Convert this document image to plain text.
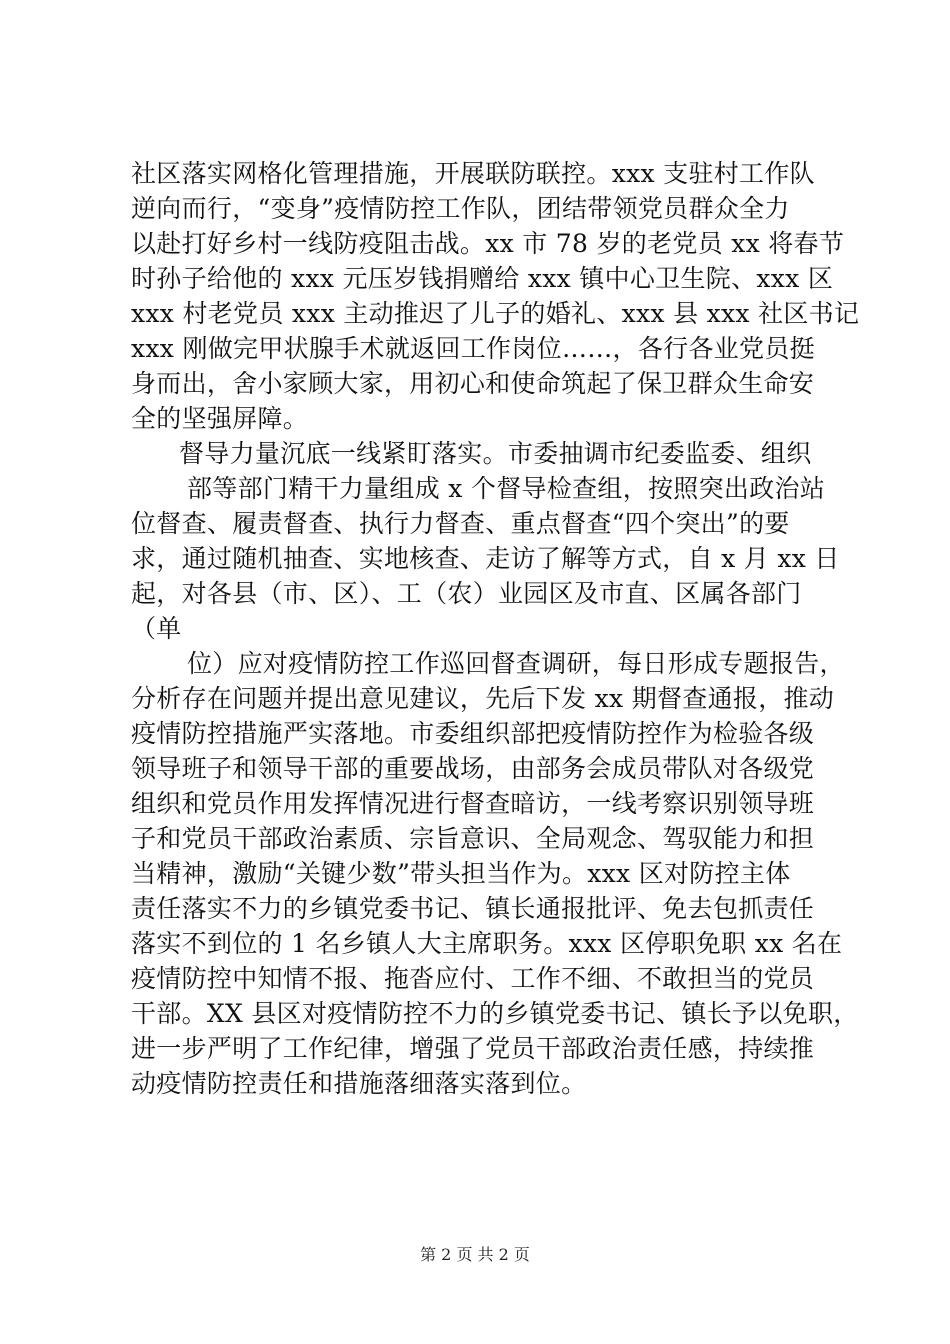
社区落实网格化管理措施，开展联防联控。xxx 支驻村工作队
逆向而行，“变身”疫情防控工作队，团结带领党员群众全力
以赴打好乡村一线防疫阻击战。xx 市 78 岁的老党员 xx 将春节
时孙子给他的 xxx 元压岁钱捐赠给 xxx 镇中心卫生院、xxx 区
xxx 村老党员 xxx 主动推迟了儿子的婚礼、xxx 县 xxx 社区书记
xxx 刚做完甲状腺手术就返回工作岗位……，各行各业党员挺
身而出，舍小家顾大家，用初心和使命筑起了保卫群众生命安
全的坚强屏障。
督导力量沉底一线紧盯落实。市委抽调市纪委监委、组织
部等部门精干力量组成 x 个督导检查组，按照突出政治站
位督查、履责督查、执行力督查、重点督查“四个突出”的要
求，通过随机抽查、实地核查、走访了解等方式，自 x 月 xx 日
起，对各县（市、区）、工（农）业园区及市直、区属各部门
（单
位）应对疫情防控工作巡回督查调研，每日形成专题报告，
分析存在问题并提出意见建议，先后下发 xx 期督查通报，推动
疫情防控措施严实落地。市委组织部把疫情防控作为检验各级
领导班子和领导干部的重要战场，由部务会成员带队对各级党
组织和党员作用发挥情况进行督查暗访，一线考察识别领导班
子和党员干部政治素质、宗旨意识、全局观念、驾驭能力和担
当精神，激励“关键少数”带头担当作为。xxx 区对防控主体
责任落实不力的乡镇党委书记、镇长通报批评、免去包抓责任
落实不到位的 1 名乡镇人大主席职务。xxx 区停职免职 xx 名在
疫情防控中知情不报、拖沓应付、工作不细、不敢担当的党员
干部。XX 县区对疫情防控不力的乡镇党委书记、镇长予以免职，
进一步严明了工作纪律，增强了党员干部政治责任感，持续推
动疫情防控责任和措施落细落实落到位。
第 2 页 共 2 页
